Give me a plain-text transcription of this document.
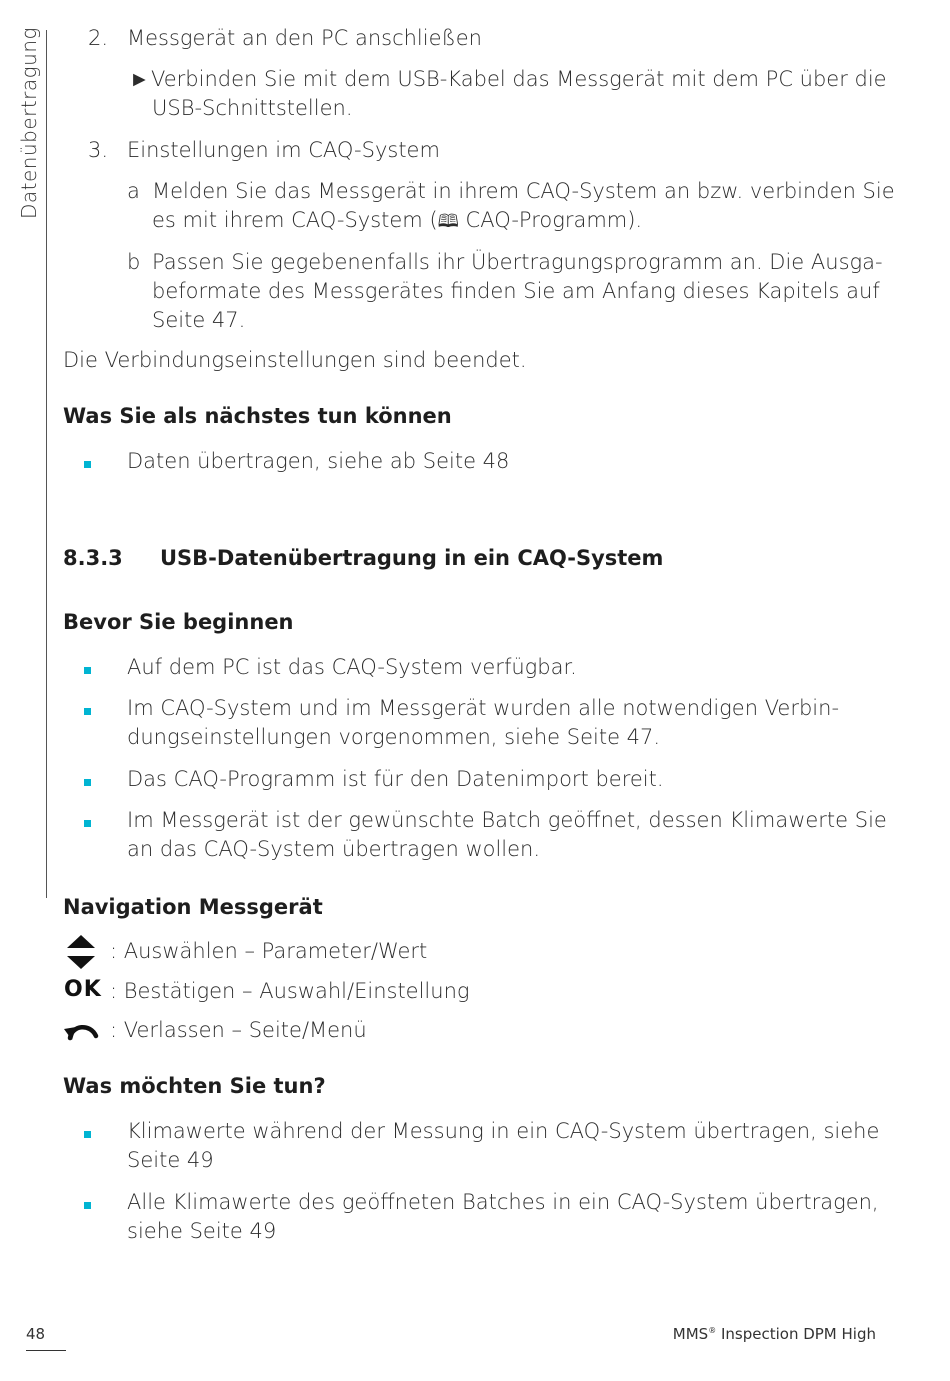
Datenübertragung 2. Messgerät an den PC anschließen
► Verbinden Sie mit dem USB-Kabel das Messgerät mit dem PC über die
USB-Schnittstellen.
3. Einstellungen im CAQ-System
a Melden Sie das Messgerät in ihrem CAQ-System an bzw. verbinden Sie
es mit ihrem CAQ-System (🕮 CAQ-Programm).
b Passen Sie gegebenenfalls ihr Übertragungsprogramm an. Die Ausga-
beformate des Messgerätes finden Sie am Anfang dieses Kapitels auf
Seite 47.
Die Verbindungseinstellungen sind beendet.
Was Sie als nächstes tun können
Daten übertragen, siehe ab Seite 48
8.3.3 USB-Datenübertragung in ein CAQ-System
Bevor Sie beginnen
Auf dem PC ist das CAQ-System verfügbar.
Im CAQ-System und im Messgerät wurden alle notwendigen Verbin-
dungseinstellungen vorgenommen, siehe Seite 47.
Das CAQ-Programm ist für den Datenimport bereit.
Im Messgerät ist der gewünschte Batch geöffnet, dessen Klimawerte Sie
an das CAQ-System übertragen wollen.
Navigation Messgerät
: Auswählen – Parameter/Wert
OK : Bestätigen – Auswahl/Einstellung
: Verlassen – Seite/Menü
Was möchten Sie tun?
Klimawerte während der Messung in ein CAQ-System übertragen, siehe
Seite 49
Alle Klimawerte des geöffneten Batches in ein CAQ-System übertragen,
siehe Seite 49
48	MMS® Inspection DPM High
